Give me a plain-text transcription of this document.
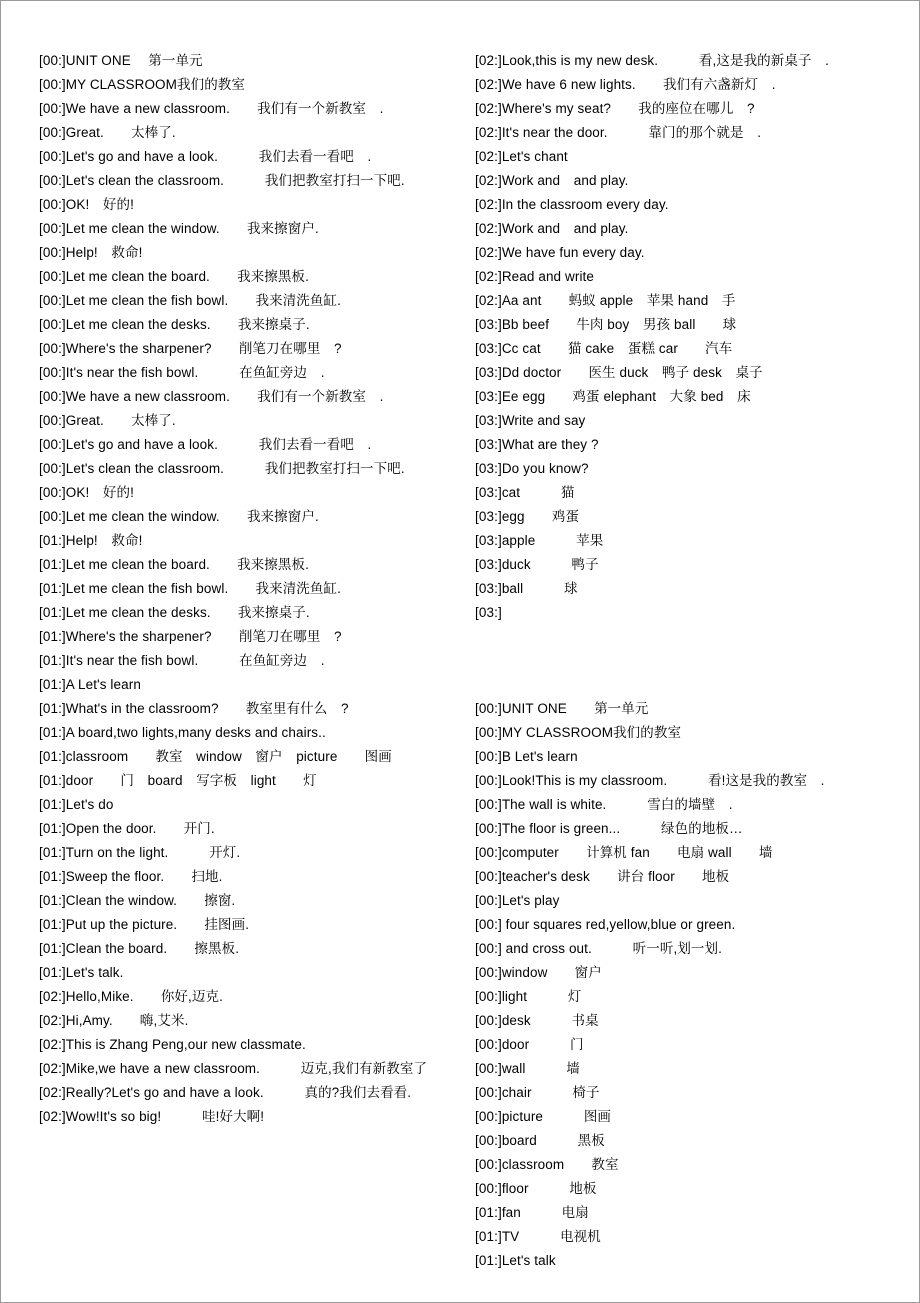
[00:]UNIT ONE　 第一单元
[00:]MY CLASSROOM我们的教室
[00:]We have a new classroom.　　我们有一个新教室　.
[00:]Great.　　太棒了.
[00:]Let's go and have a look.　　　我们去看一看吧　.
[00:]Let's clean the classroom.　　　我们把教室打扫一下吧.
[00:]OK!　好的!
[00:]Let me clean the window.　　我来擦窗户.
[00:]Help!　救命!
[00:]Let me clean the board.　　我来擦黑板.
[00:]Let me clean the fish bowl.　　我来清洗鱼缸.
[00:]Let me clean the desks.　　我来擦桌子.
[00:]Where's the sharpener?　　削笔刀在哪里　?
[00:]It's near the fish bowl.　　　在鱼缸旁边　.
[00:]We have a new classroom.　　我们有一个新教室　.
[00:]Great.　　太棒了.
[00:]Let's go and have a look.　　　我们去看一看吧　.
[00:]Let's clean the classroom.　　　我们把教室打扫一下吧.
[00:]OK!　好的!
[00:]Let me clean the window.　　我来擦窗户.
[01:]Help!　救命!
[01:]Let me clean the board.　　我来擦黑板.
[01:]Let me clean the fish bowl.　　我来清洗鱼缸.
[01:]Let me clean the desks.　　我来擦桌子.
[01:]Where's the sharpener?　　削笔刀在哪里　?
[01:]It's near the fish bowl.　　　在鱼缸旁边　.
[01:]A Let's learn
[01:]What's in the classroom?　　教室里有什么　?
[01:]A board,two lights,many desks and chairs..
[01:]classroom　　教室　window　窗户　picture　　图画
[01:]door　　门　board　写字板　light　　灯
[01:]Let's do
[01:]Open the door.　　开门.
[01:]Turn on the light.　　　开灯.
[01:]Sweep the floor.　　扫地.
[01:]Clean the window.　　擦窗.
[01:]Put up the picture.　　挂图画.
[01:]Clean the board.　　擦黑板.
[01:]Let's talk.
[02:]Hello,Mike.　　你好,迈克.
[02:]Hi,Amy.　　嗨,艾米.
[02:]This is Zhang Peng,our new classmate.
[02:]Mike,we have a new classroom.　　　迈克,我们有新教室了
[02:]Really?Let's go and have a look.　　　真的?我们去看看.
[02:]Wow!It's so big!　　　哇!好大啊!
[02:]Look,this is my new desk.　　　看,这是我的新桌子　.
[02:]We have 6 new lights.　　我们有六盏新灯　.
[02:]Where's my seat?　　我的座位在哪儿　?
[02:]It's near the door.　　　靠门的那个就是　.
[02:]Let's chant
[02:]Work and　and play.
[02:]In the classroom every day.
[02:]Work and　and play.
[02:]We have fun every day.
[02:]Read and write
[02:]Aa ant　　蚂蚁 apple　苹果 hand　手
[03:]Bb beef　　牛肉 boy　男孩 ball　　球
[03:]Cc cat　　猫 cake　蛋糕 car　　汽车
[03:]Dd doctor　　医生 duck　鸭子 desk　桌子
[03:]Ee egg　　鸡蛋 elephant　大象 bed　床
[03:]Write and say
[03:]What are they ?
[03:]Do you know?
[03:]cat　　　猫
[03:]egg　　鸡蛋
[03:]apple　　　苹果
[03:]duck　　　鸭子
[03:]ball　　　球
[03:]
[00:]UNIT ONE　　第一单元
[00:]MY CLASSROOM我们的教室
[00:]B Let's learn
[00:]Look!This is my classroom.　　　看!这是我的教室　.
[00:]The wall is white.　　　雪白的墙壁　.
[00:]The floor is green...　　　绿色的地板…
[00:]computer　　计算机 fan　　电扇 wall　　墙
[00:]teacher's desk　　讲台 floor　　地板
[00:]Let's play
[00:] four squares red,yellow,blue or green.
[00:] and cross out.　　　听一听,划一划.
[00:]window　　窗户
[00:]light　　　灯
[00:]desk　　　书桌
[00:]door　　　门
[00:]wall　　　墙
[00:]chair　　　椅子
[00:]picture　　　图画
[00:]board　　　黑板
[00:]classroom　　教室
[00:]floor　　　地板
[01:]fan　　　电扇
[01:]TV　　　电视机
[01:]Let's talk
